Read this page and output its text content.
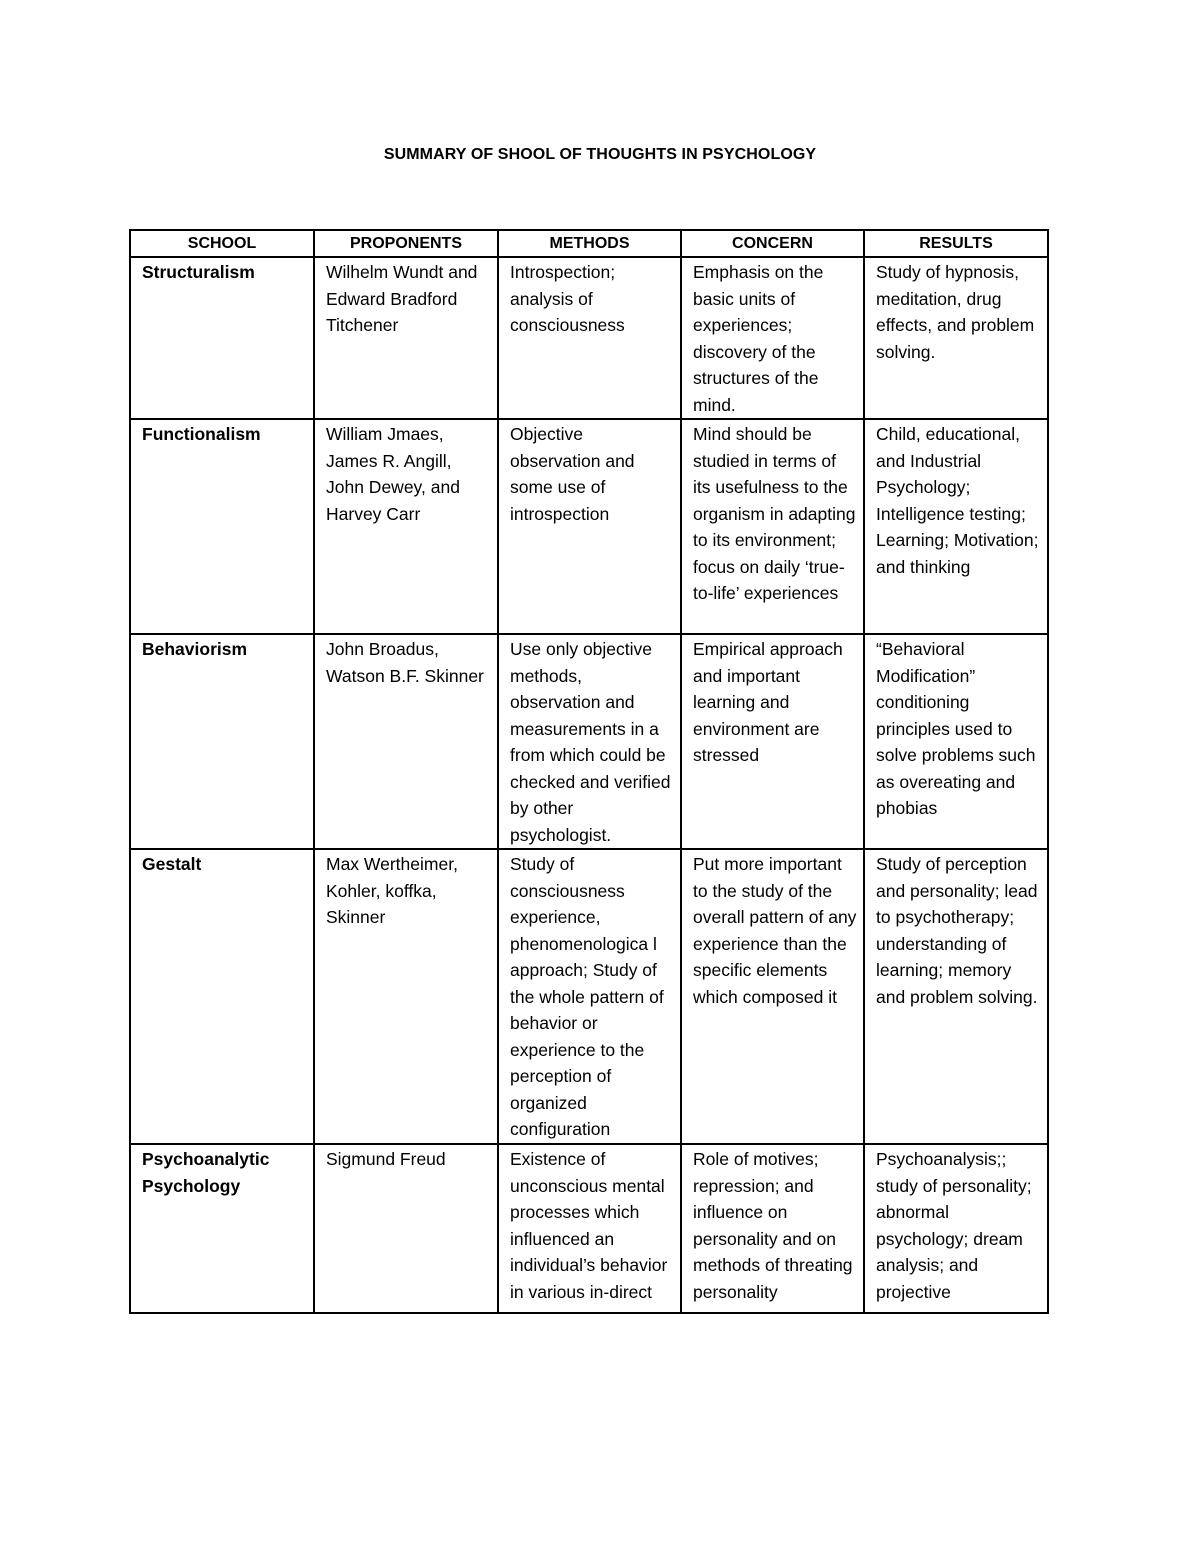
SUMMARY OF SHOOL OF THOUGHTS IN PSYCHOLOGY
SCHOOL	PROPONENTS	METHODS	CONCERN	RESULTS
Structuralism	Wilhelm Wundt and Edward Bradford Titchener	Introspection; analysis of consciousness	Emphasis on the basic units of experiences; discovery of the structures of the mind.	Study of hypnosis, meditation, drug effects, and problem solving.
Functionalism	William Jmaes, James R. Angill, John Dewey, and Harvey Carr	Objective observation and some use of introspection	Mind should be studied in terms of its usefulness to the organism in adapting to its environment; focus on daily ‘true-to-life’ experiences	Child, educational, and Industrial Psychology; Intelligence testing; Learning; Motivation; and thinking
Behaviorism	John Broadus, Watson B.F. Skinner	Use only objective methods, observation and measurements in a from which could be checked and verified by other psychologist.	Empirical approach and important learning and environment are stressed	“Behavioral Modification” conditioning principles used to solve problems such as overeating and phobias
Gestalt	Max Wertheimer, Kohler, koffka, Skinner	Study of consciousness experience, phenomenologica l approach; Study of the whole pattern of behavior or experience to the perception of organized configuration	Put more important to the study of the overall pattern of any experience than the specific elements which composed it	Study of perception and personality; lead to psychotherapy; understanding of learning; memory and problem solving.
Psychoanalytic Psychology	Sigmund Freud	Existence of unconscious mental processes which influenced an individual’s behavior in various in-direct	Role of motives; repression; and influence on personality and on methods of threating personality	Psychoanalysis;; study of personality; abnormal psychology; dream analysis; and projective
